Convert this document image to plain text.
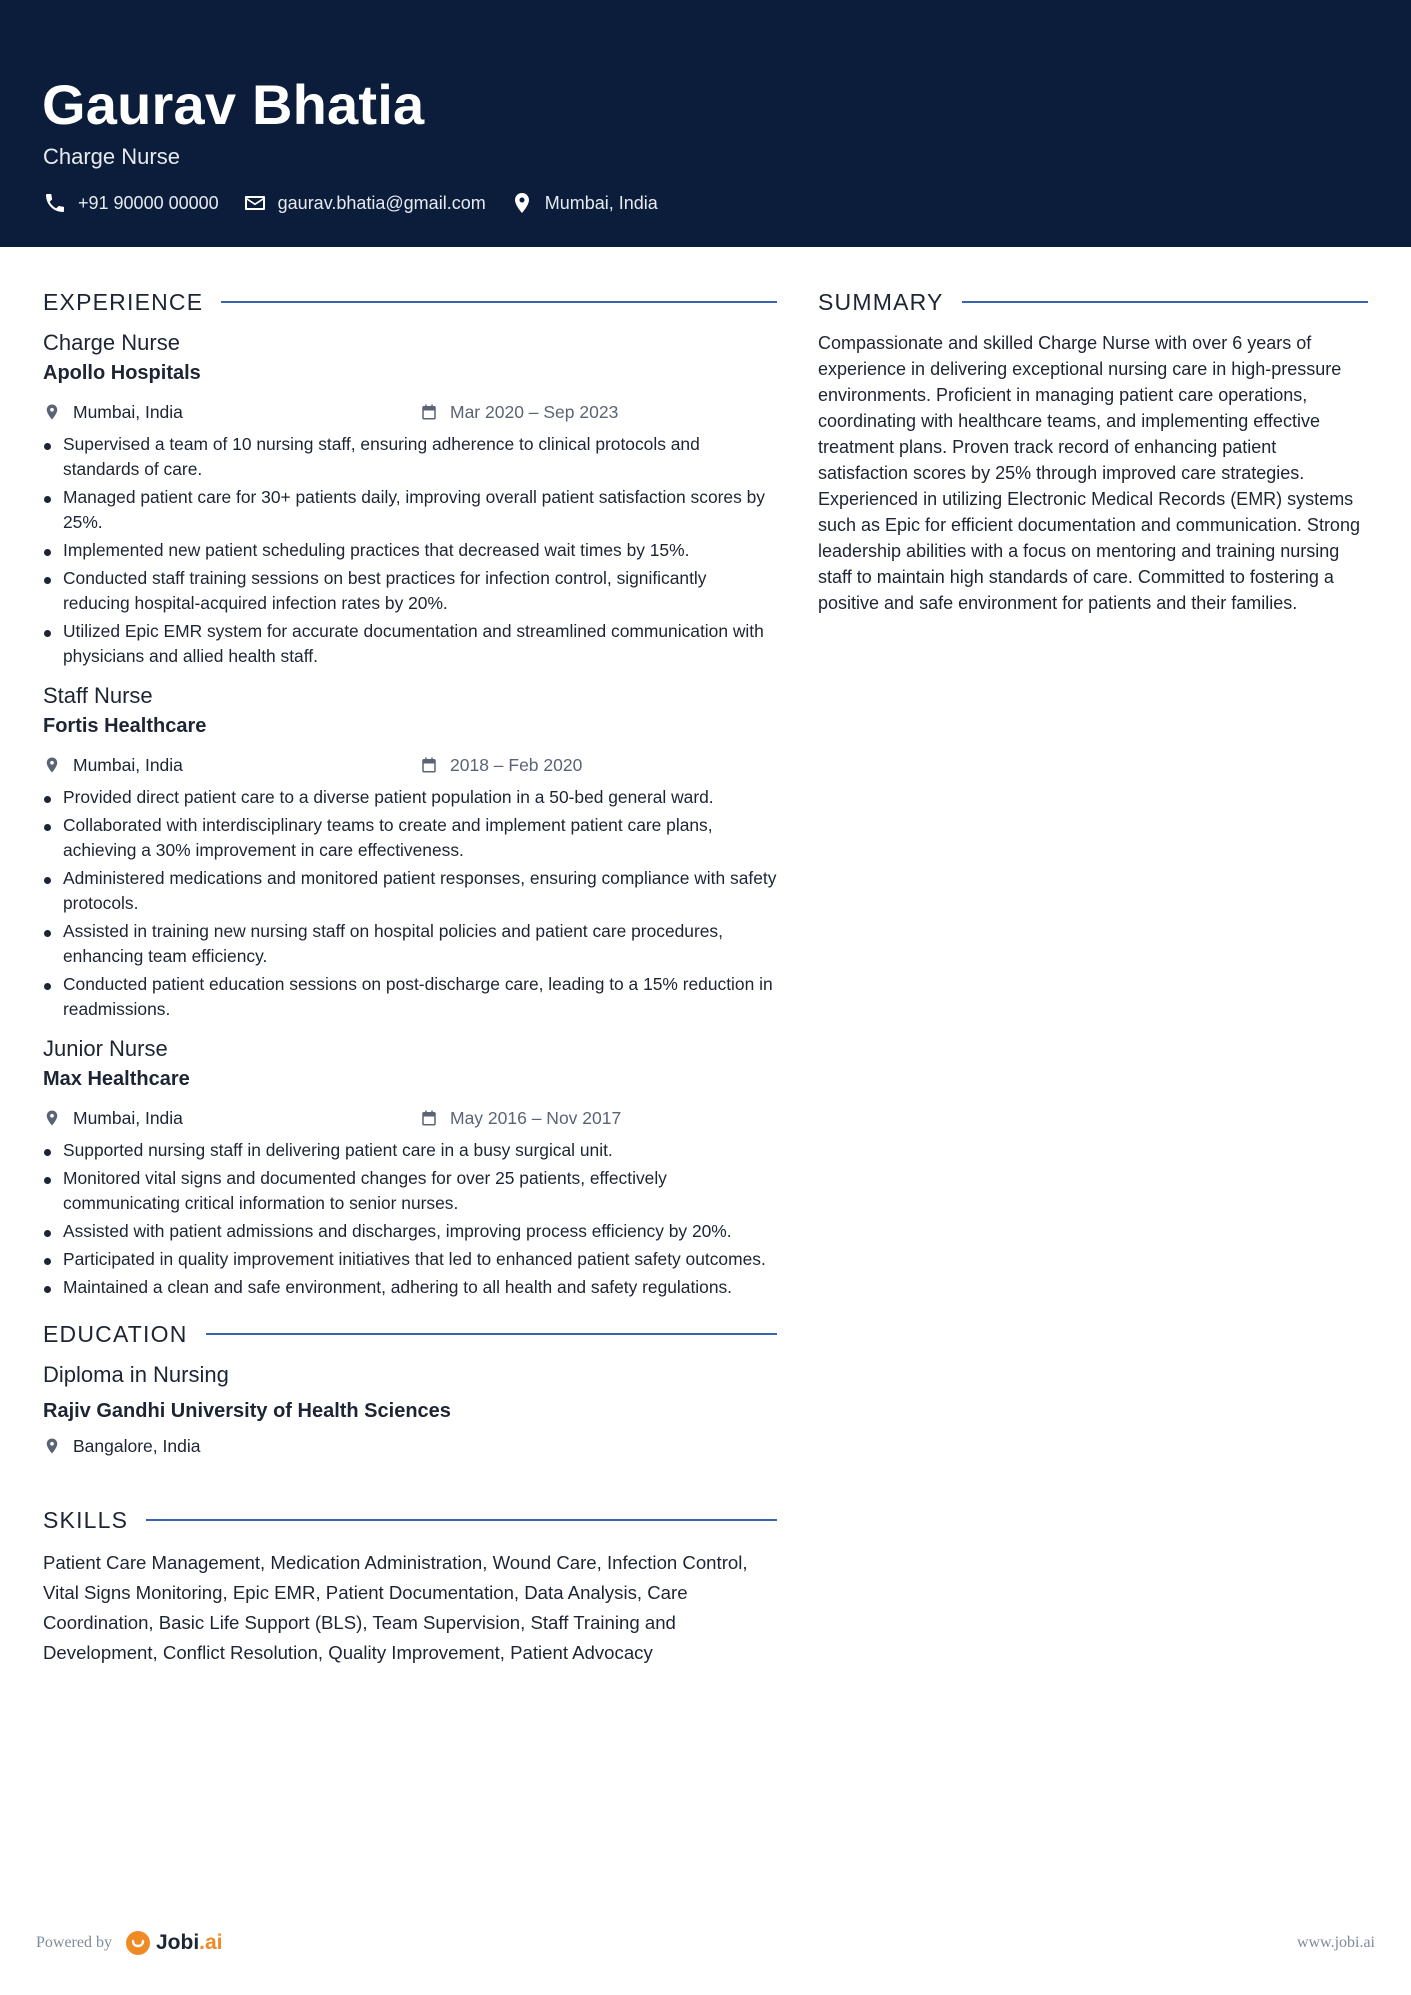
Gaurav Bhatia
Charge Nurse
+91 90000 00000	gaurav.bhatia@gmail.com	Mumbai, India
EXPERIENCE
Charge Nurse
Apollo Hospitals
Mumbai, India	Mar 2020 – Sep 2023
Supervised a team of 10 nursing staff, ensuring adherence to clinical protocols and standards of care.
Managed patient care for 30+ patients daily, improving overall patient satisfaction scores by 25%.
Implemented new patient scheduling practices that decreased wait times by 15%.
Conducted staff training sessions on best practices for infection control, significantly reducing hospital-acquired infection rates by 20%.
Utilized Epic EMR system for accurate documentation and streamlined communication with physicians and allied health staff.
Staff Nurse
Fortis Healthcare
Mumbai, India	2018 – Feb 2020
Provided direct patient care to a diverse patient population in a 50-bed general ward.
Collaborated with interdisciplinary teams to create and implement patient care plans, achieving a 30% improvement in care effectiveness.
Administered medications and monitored patient responses, ensuring compliance with safety protocols.
Assisted in training new nursing staff on hospital policies and patient care procedures, enhancing team efficiency.
Conducted patient education sessions on post-discharge care, leading to a 15% reduction in readmissions.
Junior Nurse
Max Healthcare
Mumbai, India	May 2016 – Nov 2017
Supported nursing staff in delivering patient care in a busy surgical unit.
Monitored vital signs and documented changes for over 25 patients, effectively communicating critical information to senior nurses.
Assisted with patient admissions and discharges, improving process efficiency by 20%.
Participated in quality improvement initiatives that led to enhanced patient safety outcomes.
Maintained a clean and safe environment, adhering to all health and safety regulations.
EDUCATION
Diploma in Nursing
Rajiv Gandhi University of Health Sciences
Bangalore, India
SKILLS
Patient Care Management, Medication Administration, Wound Care, Infection Control, Vital Signs Monitoring, Epic EMR, Patient Documentation, Data Analysis, Care Coordination, Basic Life Support (BLS), Team Supervision, Staff Training and Development, Conflict Resolution, Quality Improvement, Patient Advocacy
SUMMARY
Compassionate and skilled Charge Nurse with over 6 years of experience in delivering exceptional nursing care in high-pressure environments. Proficient in managing patient care operations, coordinating with healthcare teams, and implementing effective treatment plans. Proven track record of enhancing patient satisfaction scores by 25% through improved care strategies. Experienced in utilizing Electronic Medical Records (EMR) systems such as Epic for efficient documentation and communication. Strong leadership abilities with a focus on mentoring and training nursing staff to maintain high standards of care. Committed to fostering a positive and safe environment for patients and their families.
Powered by Jobi .ai	www.jobi.ai
